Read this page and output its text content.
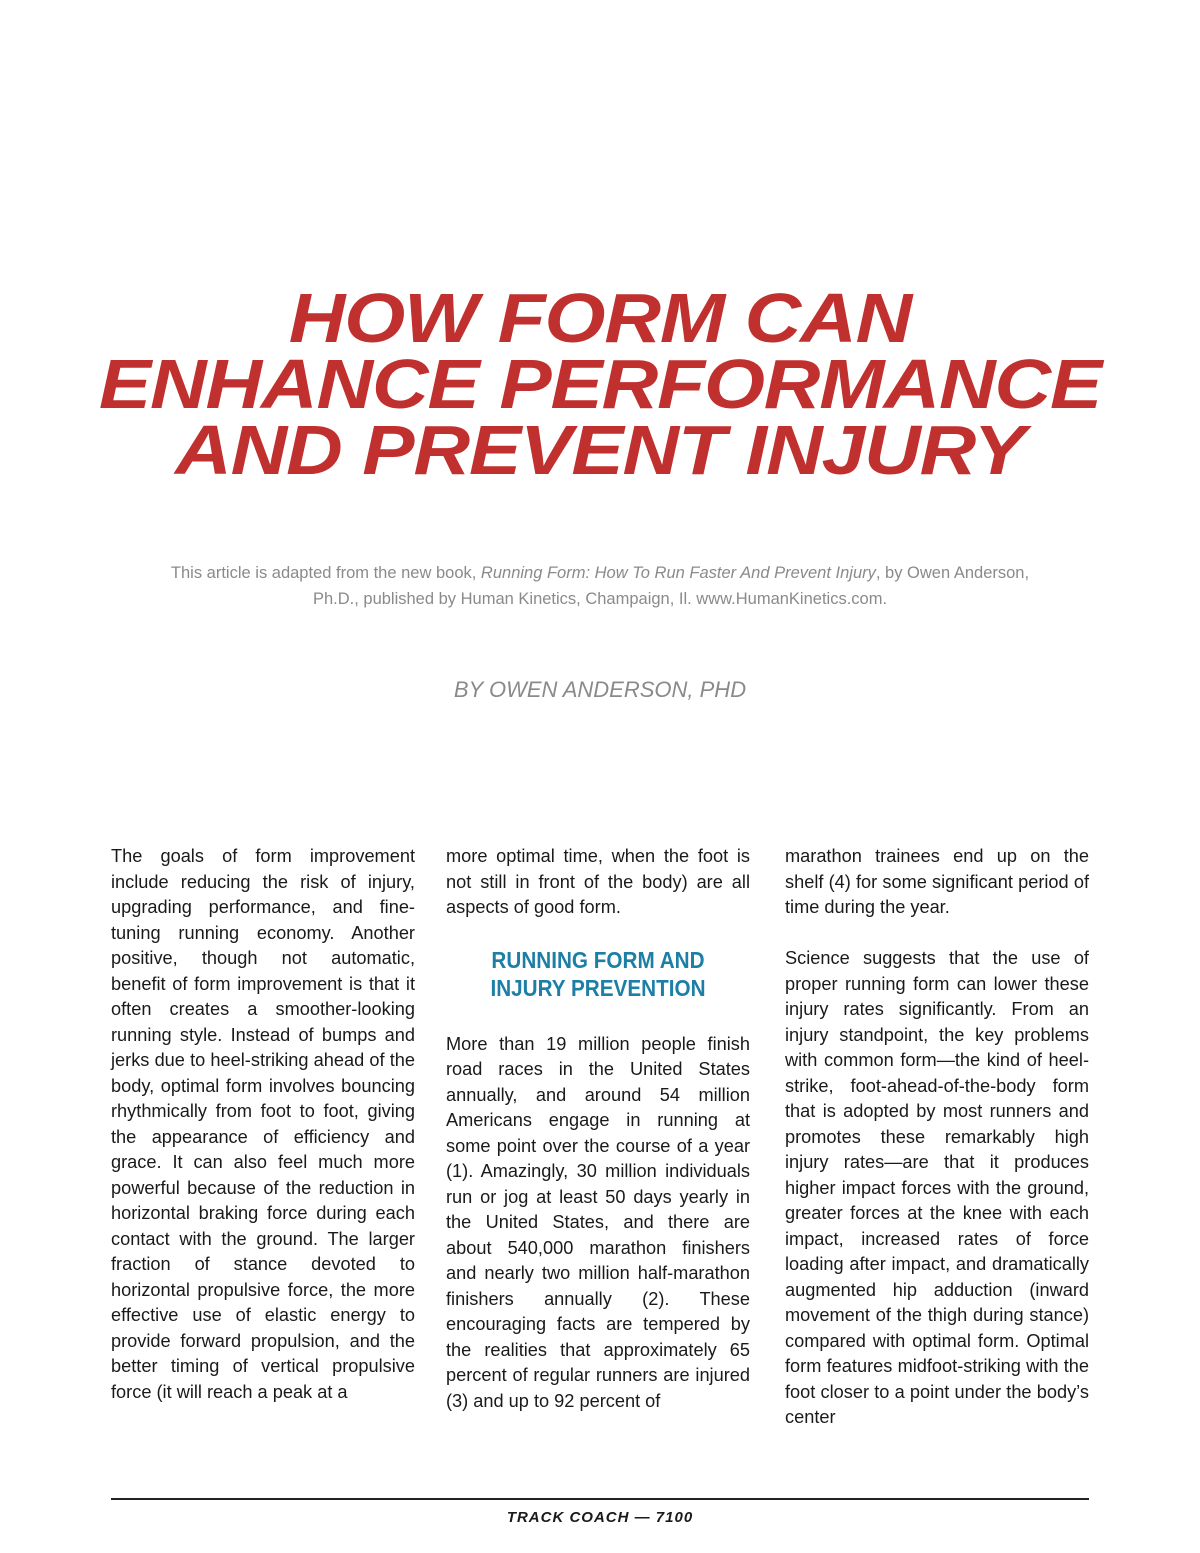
HOW FORM CAN
ENHANCE PERFORMANCE
AND PREVENT INJURY

This article is adapted from the new book, Running Form: How To Run Faster And Prevent Injury, by Owen Anderson, Ph.D., published by Human Kinetics, Champaign, Il. www.HumanKinetics.com.

BY OWEN ANDERSON, PHD

The goals of form improvement include reducing the risk of injury, upgrading performance, and fine-tuning running economy. Another positive, though not automatic, benefit of form improvement is that it often creates a smoother-looking running style. Instead of bumps and jerks due to heel-striking ahead of the body, optimal form involves bouncing rhythmically from foot to foot, giving the appearance of efficiency and grace. It can also feel much more powerful because of the reduction in horizontal braking force during each contact with the ground. The larger fraction of stance devoted to horizontal propulsive force, the more effective use of elastic energy to provide forward propulsion, and the better timing of vertical propulsive force (it will reach a peak at a

more optimal time, when the foot is not still in front of the body) are all aspects of good form.

RUNNING FORM AND INJURY PREVENTION

More than 19 million people finish road races in the United States annually, and around 54 million Americans engage in running at some point over the course of a year (1). Amazingly, 30 million individuals run or jog at least 50 days yearly in the United States, and there are about 540,000 marathon finishers and nearly two million half-marathon finishers annually (2). These encouraging facts are tempered by the realities that approximately 65 percent of regular runners are injured (3) and up to 92 percent of

marathon trainees end up on the shelf (4) for some significant period of time during the year.

Science suggests that the use of proper running form can lower these injury rates significantly. From an injury standpoint, the key problems with common form—the kind of heel-strike, foot-ahead-of-the-body form that is adopted by most runners and promotes these remarkably high injury rates—are that it produces higher impact forces with the ground, greater forces at the knee with each impact, increased rates of force loading after impact, and dramatically augmented hip adduction (inward movement of the thigh during stance) compared with optimal form. Optimal form features midfoot-striking with the foot closer to a point under the body’s center

TRACK COACH — 7100
